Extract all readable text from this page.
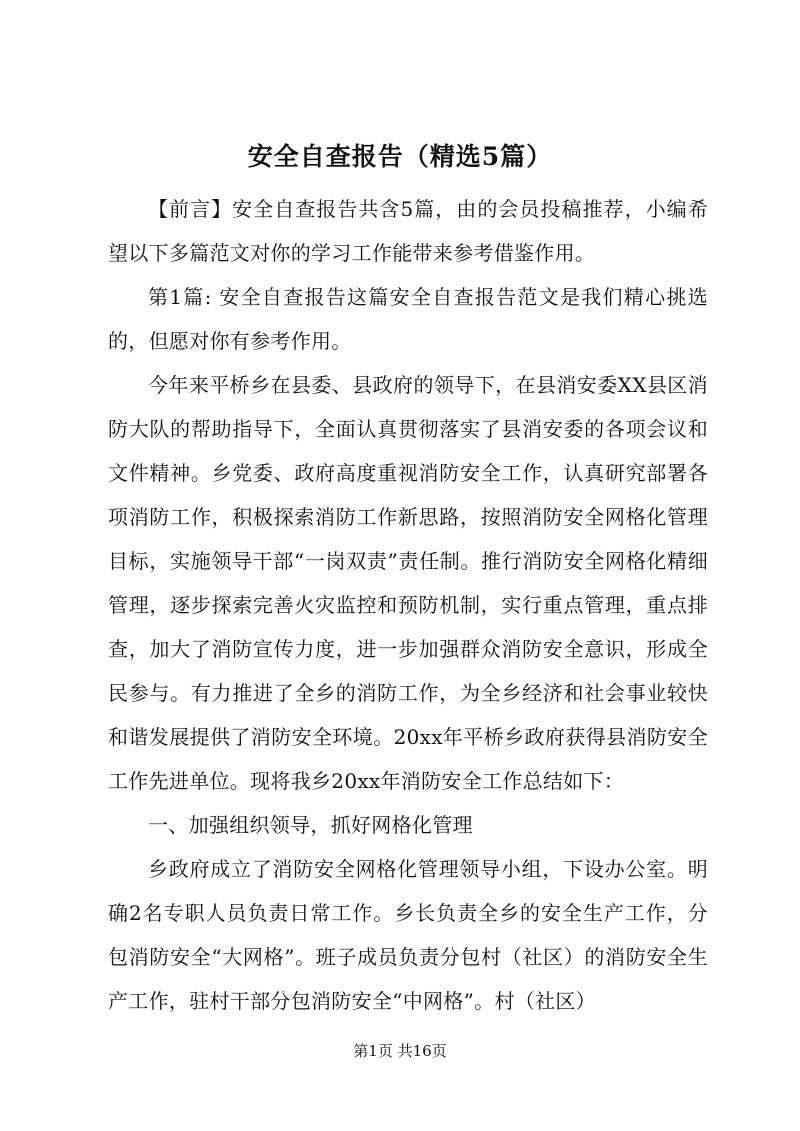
安全自查报告（精选5篇）

【前言】安全自查报告共含5篇，由的会员投稿推荐，小编希望以下多篇范文对你的学习工作能带来参考借鉴作用。

第1篇: 安全自查报告这篇安全自查报告范文是我们精心挑选的，但愿对你有参考作用。

今年来平桥乡在县委、县政府的领导下，在县消安委XX县区消防大队的帮助指导下，全面认真贯彻落实了县消安委的各项会议和文件精神。乡党委、政府高度重视消防安全工作，认真研究部署各项消防工作，积极探索消防工作新思路，按照消防安全网格化管理目标，实施领导干部“一岗双责”责任制。推行消防安全网格化精细管理，逐步探索完善火灾监控和预防机制，实行重点管理，重点排查，加大了消防宣传力度，进一步加强群众消防安全意识，形成全民参与。有力推进了全乡的消防工作，为全乡经济和社会事业较快和谐发展提供了消防安全环境。20xx年平桥乡政府获得县消防安全工作先进单位。现将我乡20xx年消防安全工作总结如下：

一、加强组织领导，抓好网格化管理

乡政府成立了消防安全网格化管理领导小组，下设办公室。明确2名专职人员负责日常工作。乡长负责全乡的安全生产工作，分包消防安全“大网格”。班子成员负责分包村（社区）的消防安全生产工作，驻村干部分包消防安全“中网格”。村（社区）

第1页 共16页
